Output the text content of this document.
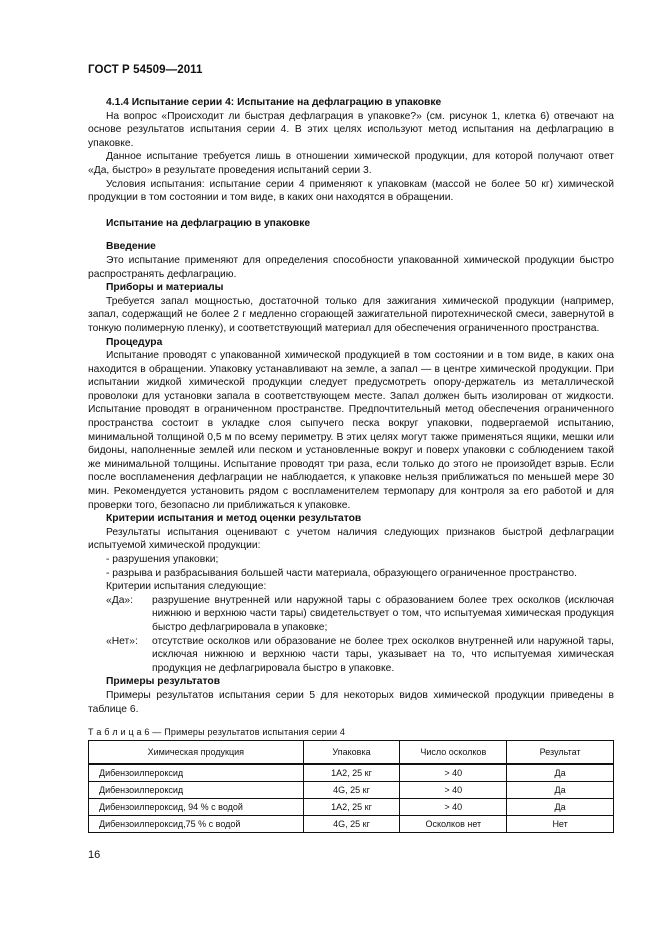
ГОСТ Р 54509—2011

4.1.4 Испытание серии 4: Испытание на дефлаграцию в упаковке

На вопрос «Происходит ли быстрая дефлаграция в упаковке?» (см. рисунок 1, клетка 6) отвечают на основе результатов испытания серии 4. В этих целях используют метод испытания на дефлаграцию в упаковке.

Данное испытание требуется лишь в отношении химической продукции, для которой получают ответ «Да, быстро» в результате проведения испытаний серии 3.

Условия испытания: испытание серии 4 применяют к упаковкам (массой не более 50 кг) химической продукции в том состоянии и том виде, в каких они находятся в обращении.

Испытание на дефлаграцию в упаковке

Введение

Это испытание применяют для определения способности упакованной химической продукции быстро распространять дефлаграцию.

Приборы и материалы

Требуется запал мощностью, достаточной только для зажигания химической продукции (например, запал, содержащий не более 2 г медленно сгорающей зажигательной пиротехнической смеси, завернутой в тонкую полимерную пленку), и соответствующий материал для обеспечения ограниченного пространства.

Процедура

Испытание проводят с упакованной химической продукцией в том состоянии и в том виде, в каких она находится в обращении. Упаковку устанавливают на земле, а запал — в центре химической продукции. При испытании жидкой химической продукции следует предусмотреть опору-держатель из металлической проволоки для установки запала в соответствующем месте. Запал должен быть изолирован от жидкости. Испытание проводят в ограниченном пространстве. Предпочтительный метод обеспечения ограниченного пространства состоит в укладке слоя сыпучего песка вокруг упаковки, подвергаемой испытанию, минимальной толщиной 0,5 м по всему периметру. В этих целях могут также применяться ящики, мешки или бидоны, наполненные землей или песком и установленные вокруг и поверх упаковки с соблюдением такой же минимальной толщины. Испытание проводят три раза, если только до этого не произойдет взрыв. Если после воспламенения дефлаграции не наблюдается, к упаковке нельзя приближаться по меньшей мере 30 мин. Рекомендуется установить рядом с воспламенителем термопару для контроля за его работой и для проверки того, безопасно ли приближаться к упаковке.

Критерии испытания и метод оценки результатов

Результаты испытания оценивают с учетом наличия следующих признаков быстрой дефлаграции испытуемой химической продукции:

- разрушения упаковки;

- разрыва и разбрасывания большей части материала, образующего ограниченное пространство.

Критерии испытания следующие:

«Да»:	разрушение внутренней или наружной тары с образованием более трех осколков (исключая нижнюю и верхнюю части тары) свидетельствует о том, что испытуемая химическая продукция быстро дефлагрировала в упаковке;
«Нет»:	отсутствие осколков или образование не более трех осколков внутренней или наружной тары, исключая нижнюю и верхнюю части тары, указывает на то, что испытуемая химическая продукция не дефлагрировала быстро в упаковке.

Примеры результатов

Примеры результатов испытания серии 5 для некоторых видов химической продукции приведены в таблице 6.

Т а б л и ц а 6 — Примеры результатов испытания серии 4
Химическая продукция	Упаковка	Число осколков	Результат
Дибензоилпероксид	1A2, 25 кг	> 40	Да
Дибензоилпероксид	4G, 25 кг	> 40	Да
Дибензоилпероксид, 94 % с водой	1A2, 25 кг	> 40	Да
Дибензоилпероксид,75 % с водой	4G, 25 кг	Осколков нет	Нет
16
